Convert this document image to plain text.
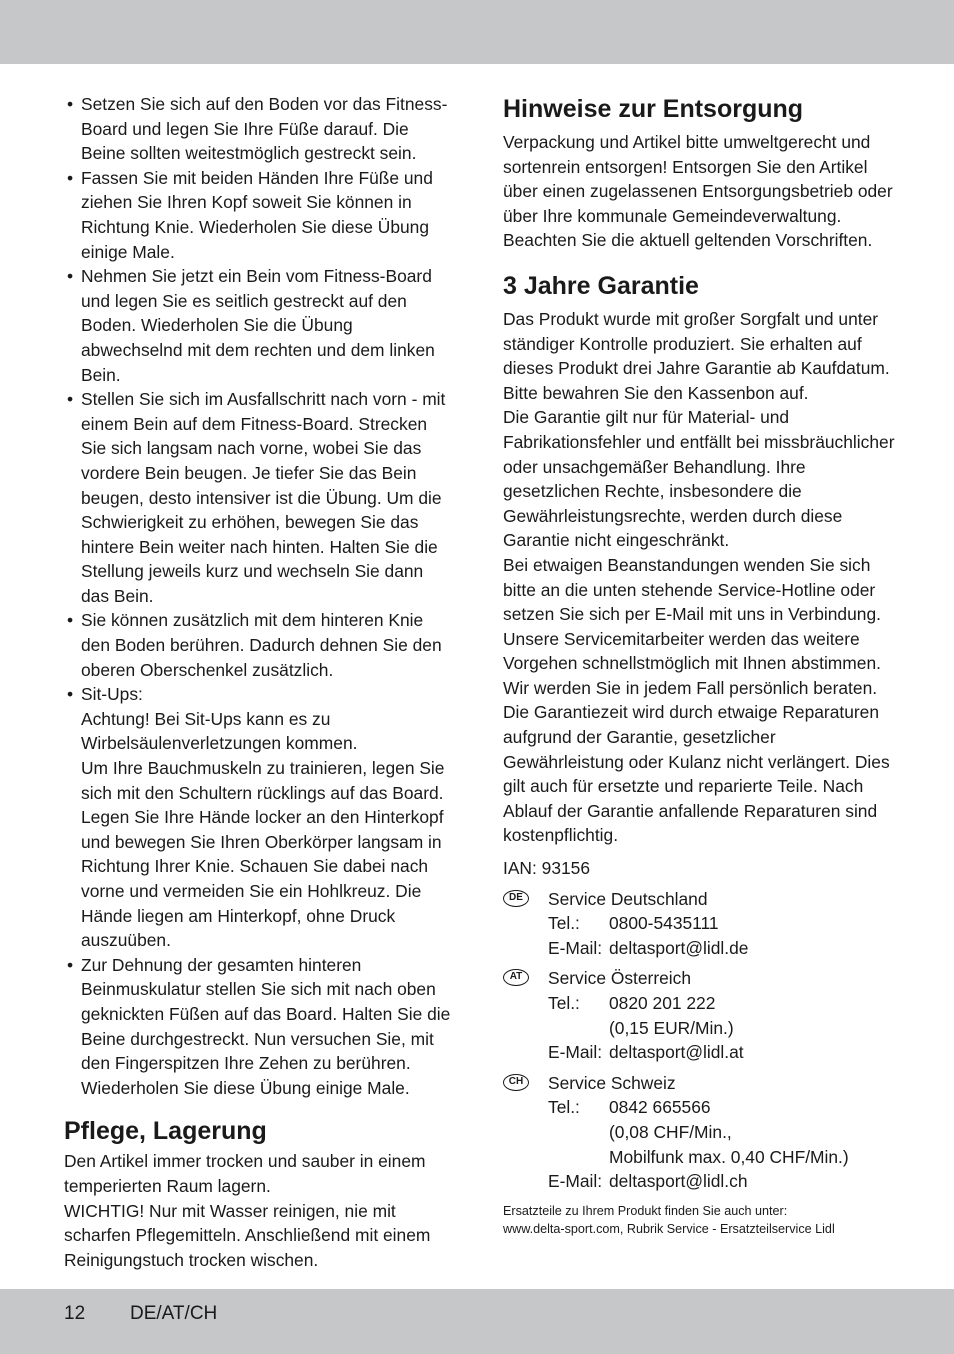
• Setzen Sie sich auf den Boden vor das Fitness-Board und legen Sie Ihre Füße darauf. Die Beine sollten weitestmöglich gestreckt sein.
• Fassen Sie mit beiden Händen Ihre Füße und ziehen Sie Ihren Kopf soweit Sie können in Richtung Knie. Wiederholen Sie diese Übung einige Male.
• Nehmen Sie jetzt ein Bein vom Fitness-Board und legen Sie es seitlich gestreckt auf den Boden. Wiederholen Sie die Übung abwechselnd mit dem rechten und dem linken Bein.
• Stellen Sie sich im Ausfallschritt nach vorn - mit einem Bein auf dem Fitness-Board. Strecken Sie sich langsam nach vorne, wobei Sie das vordere Bein beugen. Je tiefer Sie das Bein beugen, desto intensiver ist die Übung. Um die Schwierigkeit zu erhöhen, bewegen Sie das hintere Bein weiter nach hinten. Halten Sie die Stellung jeweils kurz und wechseln Sie dann das Bein.
• Sie können zusätzlich mit dem hinteren Knie den Boden berühren. Dadurch dehnen Sie den oberen Oberschenkel zusätzlich.
• Sit-Ups:
Achtung! Bei Sit-Ups kann es zu Wirbelsäulenverletzungen kommen.
Um Ihre Bauchmuskeln zu trainieren, legen Sie sich mit den Schultern rücklings auf das Board. Legen Sie Ihre Hände locker an den Hinterkopf und bewegen Sie Ihren Oberkörper langsam in Richtung Ihrer Knie. Schauen Sie dabei nach vorne und vermeiden Sie ein Hohlkreuz. Die Hände liegen am Hinterkopf, ohne Druck auszuüben.
• Zur Dehnung der gesamten hinteren Beinmuskulatur stellen Sie sich mit nach oben geknickten Füßen auf das Board. Halten Sie die Beine durchgestreckt. Nun versuchen Sie, mit den Fingerspitzen Ihre Zehen zu berühren. Wiederholen Sie diese Übung einige Male.
Pflege, Lagerung

Den Artikel immer trocken und sauber in einem temperierten Raum lagern.

WICHTIG! Nur mit Wasser reinigen, nie mit scharfen Pflegemitteln. Anschließend mit einem Reinigungstuch trocken wischen.

Hinweise zur Entsorgung

Verpackung und Artikel bitte umweltgerecht und sortenrein entsorgen! Entsorgen Sie den Artikel über einen zugelassenen Entsorgungsbetrieb oder über Ihre kommunale Gemeindeverwaltung. Beachten Sie die aktuell geltenden Vorschriften.

3 Jahre Garantie

Das Produkt wurde mit großer Sorgfalt und unter ständiger Kontrolle produziert. Sie erhalten auf dieses Produkt drei Jahre Garantie ab Kaufdatum. Bitte bewahren Sie den Kassenbon auf.

Die Garantie gilt nur für Material- und Fabrikationsfehler und entfällt bei missbräuchlicher oder unsachgemäßer Behandlung. Ihre gesetzlichen Rechte, insbesondere die Gewährleistungsrechte, werden durch diese Garantie nicht eingeschränkt.

Bei etwaigen Beanstandungen wenden Sie sich bitte an die unten stehende Service-Hotline oder setzen Sie sich per E-Mail mit uns in Verbindung. Unsere Servicemitarbeiter werden das weitere Vorgehen schnellstmöglich mit Ihnen abstimmen. Wir werden Sie in jedem Fall persönlich beraten. Die Garantiezeit wird durch etwaige Reparaturen aufgrund der Garantie, gesetzlicher Gewährleistung oder Kulanz nicht verlängert. Dies gilt auch für ersetzte und reparierte Teile. Nach Ablauf der Garantie anfallende Reparaturen sind kostenpflichtig.

IAN: 93156

DE	Service Deutschland
Tel.:	0800-5435111
E-Mail: deltasport@lidl.de
AT	Service Österreich
Tel.:	0820 201 222
(0,15 EUR/Min.)
E-Mail: deltasport@lidl.at
CH	Service Schweiz
Tel.:	0842 665566
(0,08 CHF/Min.,
Mobilfunk max. 0,40 CHF/Min.)
E-Mail: deltasport@lidl.ch
Ersatzteile zu Ihrem Produkt finden Sie auch unter:
www.delta-sport.com, Rubrik Service - Ersatzteilservice Lidl
12 DE/AT/CH
